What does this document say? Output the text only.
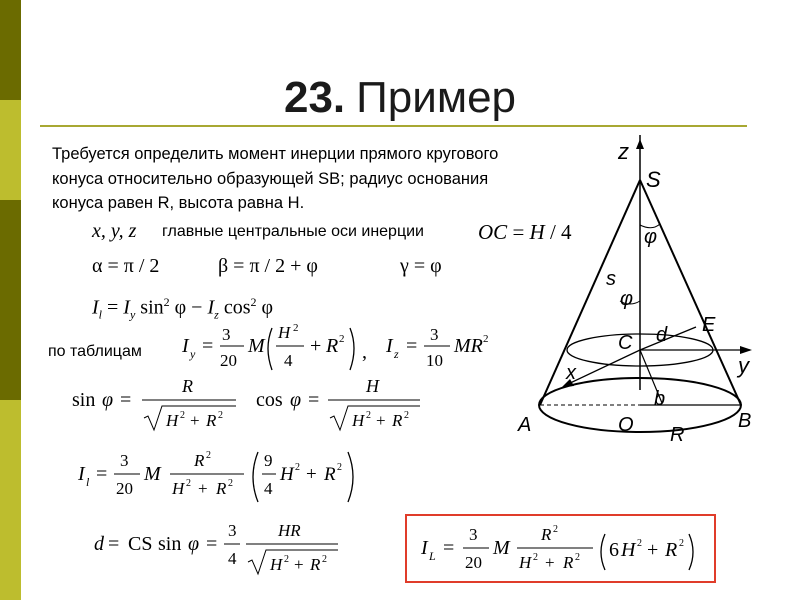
23. Пример
Требуется определить момент инерции прямого кругового
конуса относительно образующей SB; радиус основания
конуса равен R, высота равна H.
x, y, z главные центральные оси инерции	OC = H / 4
α = π / 2	β = π / 2 + φ	γ = φ
$I_l = I_y$ $\sin^2 \varphi - I_z$ $\cos^2 \varphi$
по таблицам I y =
3
20
M
H 2
4
+ R 2
, I z =
3
10
MR 2
sin φ =
R
H 2 + R 2
cos φ =
H
H 2 + R 2
I l =
3
20
M
R 2
H 2 + R 2
9
4
H 2 + R 2
d = CS sin φ =
3
4
HR
H 2 + R 2
I L =
3
20
M
R 2
H 2 + R 2 6 H 2 + R 2
z
S
φ
s
φ
d E
C
y
x
b
A	O	B
R
